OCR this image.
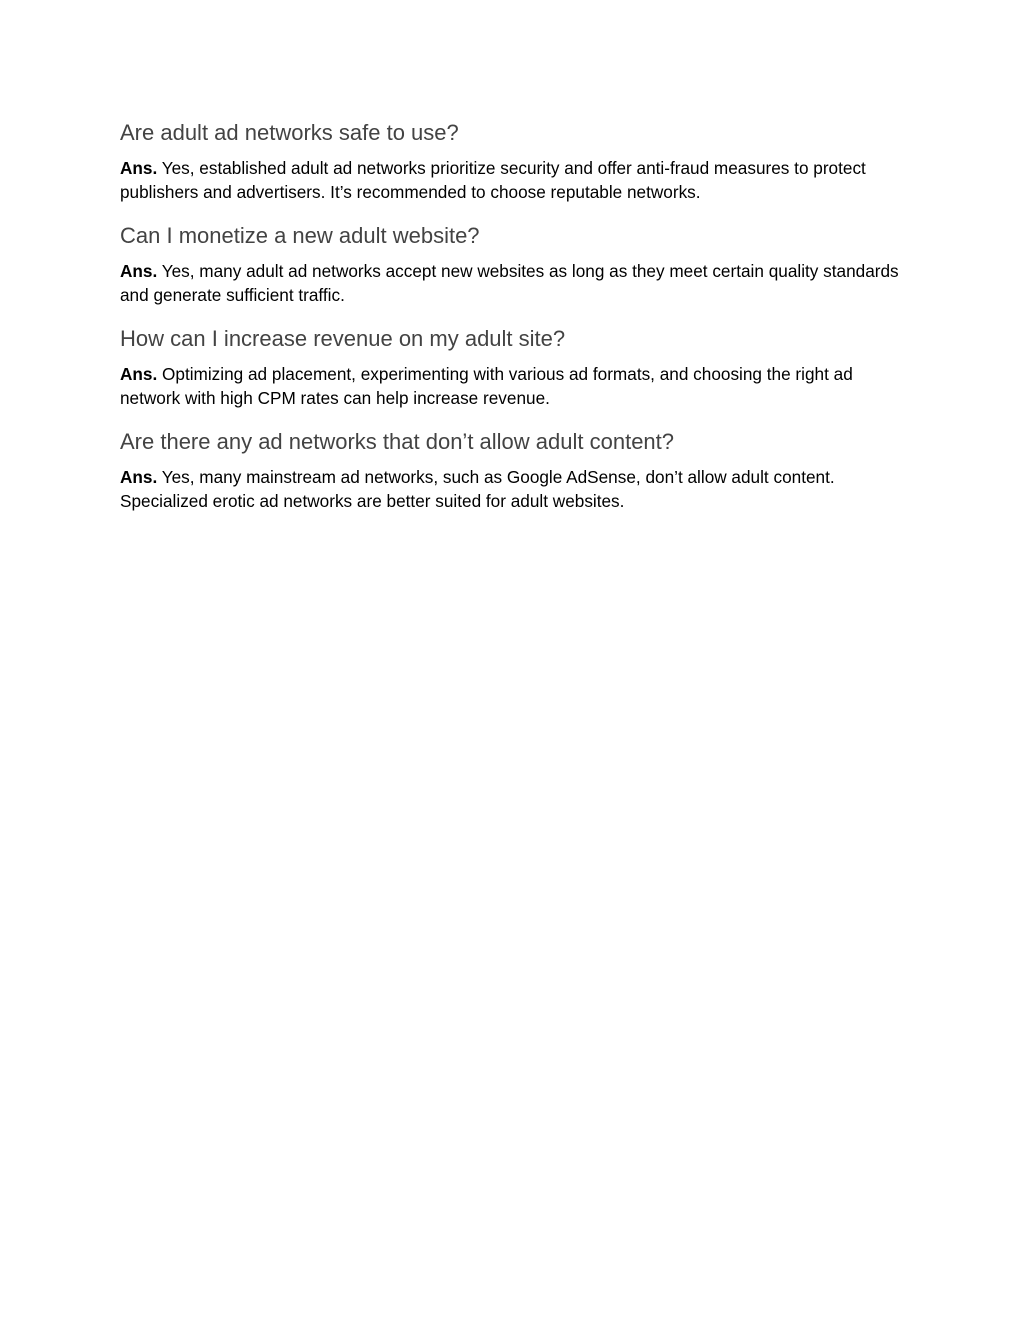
Are adult ad networks safe to use?

Ans. Yes, established adult ad networks prioritize security and offer anti-fraud measures to protect publishers and advertisers. It’s recommended to choose reputable networks.

Can I monetize a new adult website?

Ans. Yes, many adult ad networks accept new websites as long as they meet certain quality standards and generate sufficient traffic.

How can I increase revenue on my adult site?

Ans. Optimizing ad placement, experimenting with various ad formats, and choosing the right ad network with high CPM rates can help increase revenue.

Are there any ad networks that don’t allow adult content?

Ans. Yes, many mainstream ad networks, such as Google AdSense, don’t allow adult content. Specialized erotic ad networks are better suited for adult websites.
